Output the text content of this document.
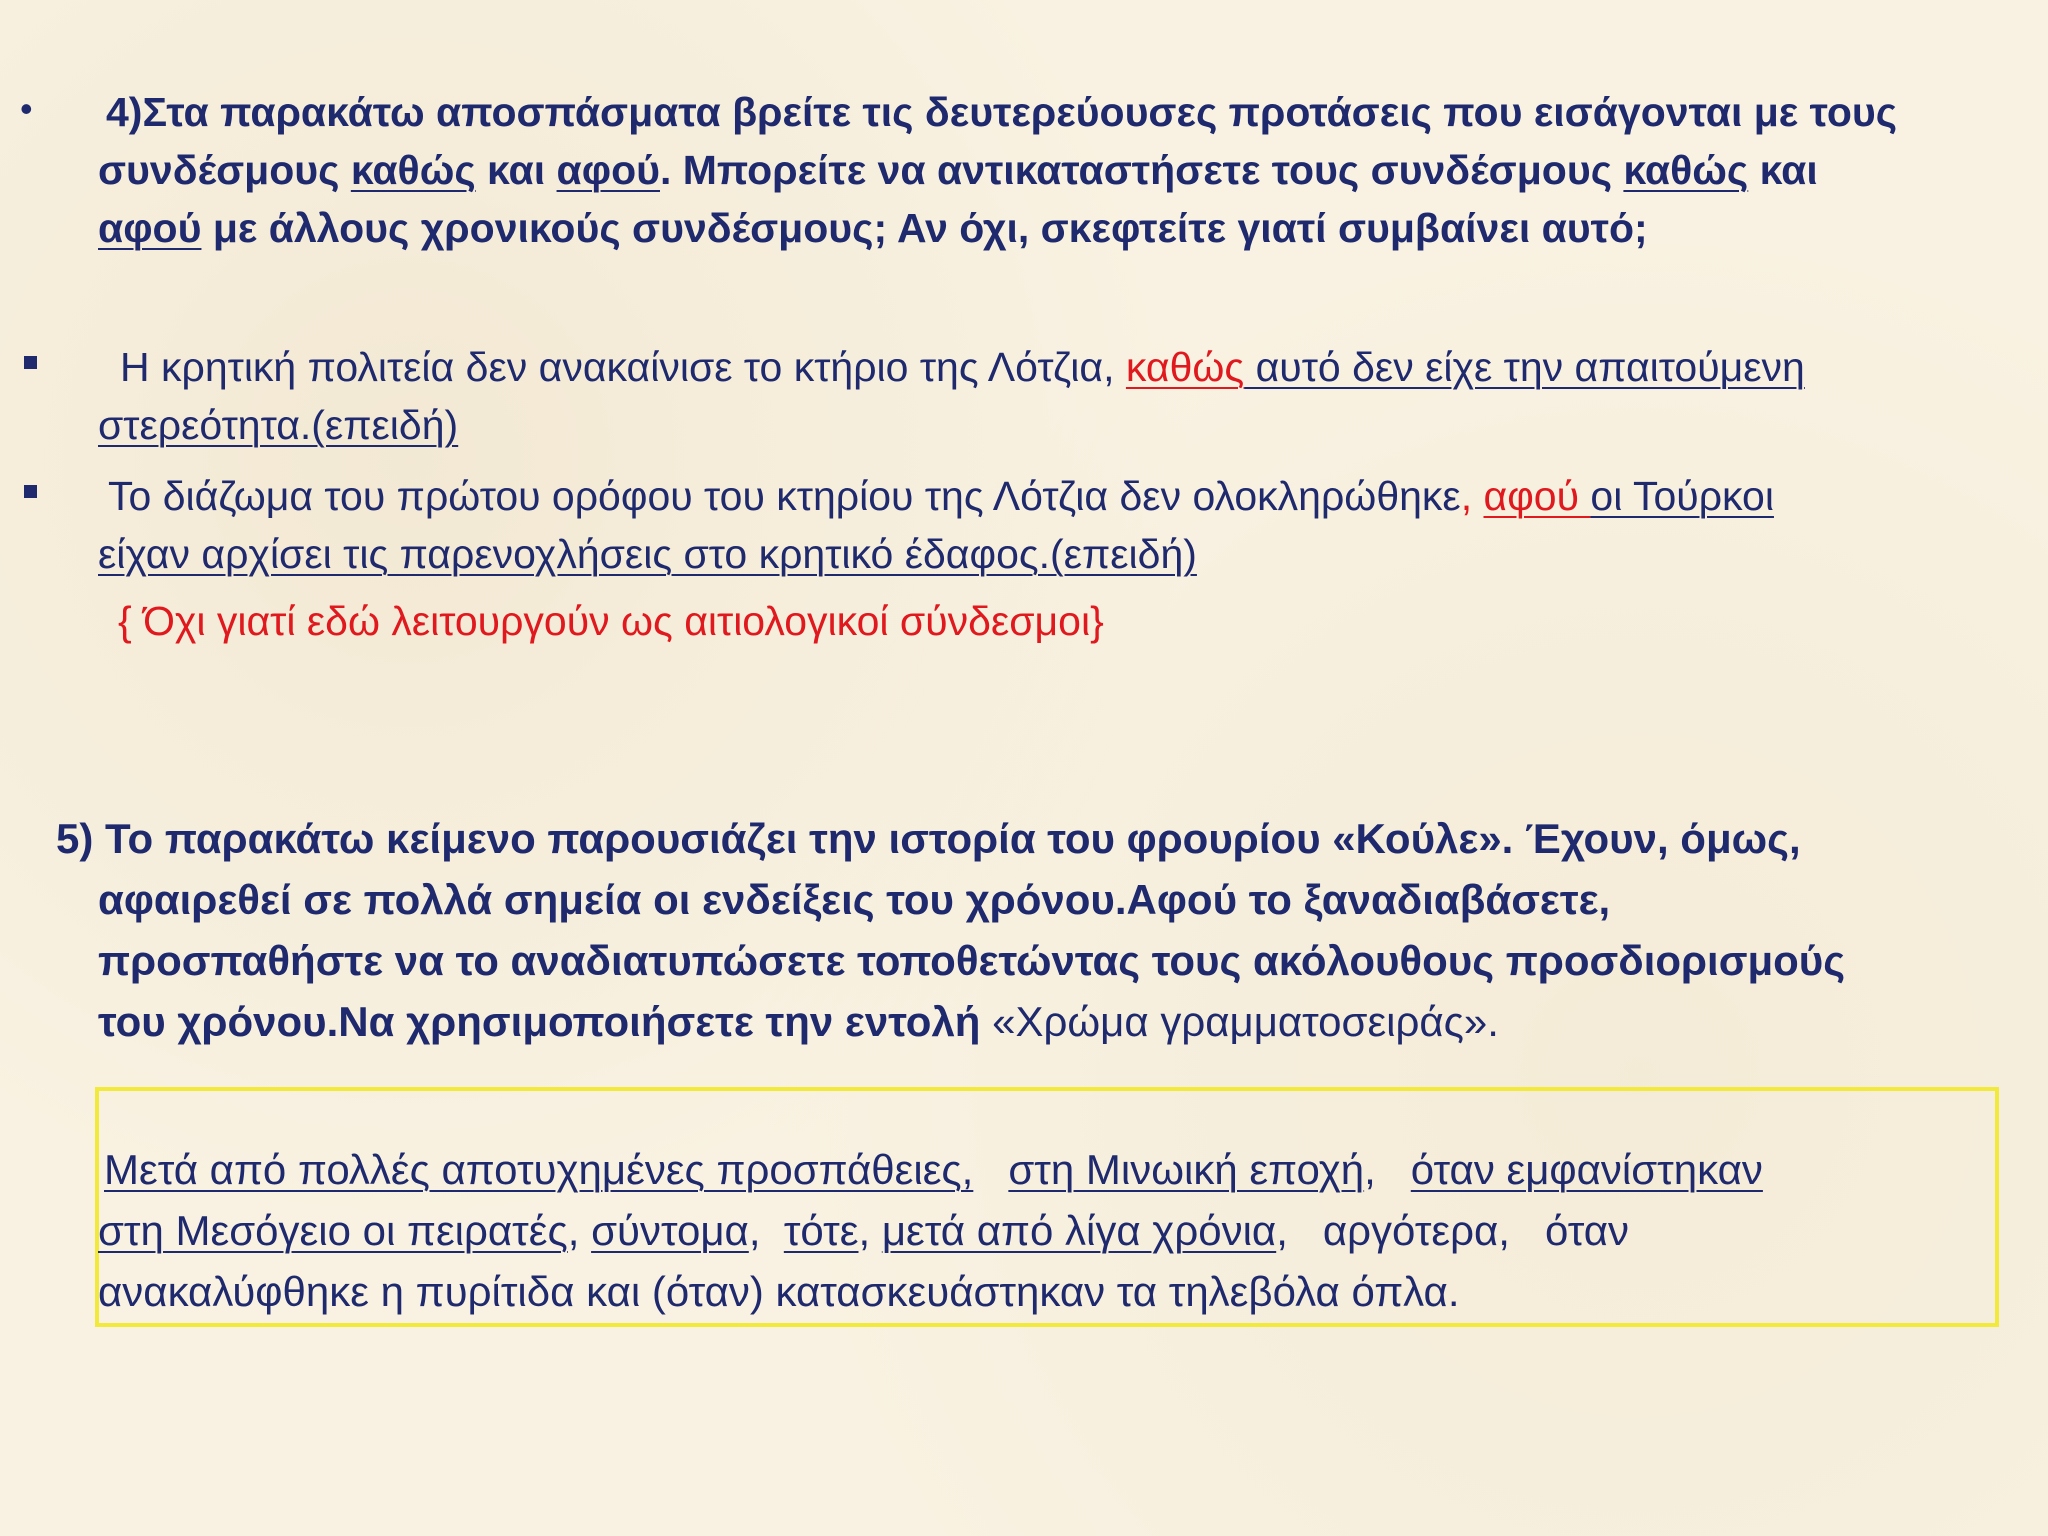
• 4)Στα παρακάτω αποσπάσματα βρείτε τις δευτερεύουσες προτάσεις που εισάγονται με τους
συνδέσμους καθώς και αφού. Μπορείτε να αντικαταστήσετε τους συνδέσμους καθώς και
αφού με άλλους χρονικούς συνδέσμους; Αν όχι, σκεφτείτε γιατί συμβαίνει αυτό;
Η κρητική πολιτεία δεν ανακαίνισε το κτήριο της Λότζια, καθώς αυτό δεν είχε την απαιτούμενη
στερεότητα.(επειδή)
Το διάζωμα του πρώτου ορόφου του κτηρίου της Λότζια δεν ολοκληρώθηκε, αφού οι Τούρκοι
είχαν αρχίσει τις παρενοχλήσεις στο κρητικό έδαφος.(επειδή)
{ Όχι γιατί εδώ λειτουργούν ως αιτιολογικοί σύνδεσμοι}
5) Το παρακάτω κείμενο παρουσιάζει την ιστορία του φρουρίου «Κούλε». Έχουν, όμως,
αφαιρεθεί σε πολλά σημεία οι ενδείξεις του χρόνου.Αφού το ξαναδιαβάσετε,
προσπαθήστε να το αναδιατυπώσετε τοποθετώντας τους ακόλουθους προσδιορισμούς
του χρόνου.Να χρησιμοποιήσετε την εντολή «Χρώμα γραμματοσειράς».
Μετά από πολλές αποτυχημένες προσπάθειες, στη Μινωική εποχή,   όταν εμφανίστηκαν
στη Μεσόγειο οι πειρατές, σύντομα,  τότε, μετά από λίγα χρόνια,   αργότερα,   όταν
ανακαλύφθηκε η πυρίτιδα και (όταν) κατασκευάστηκαν τα τηλεβόλα όπλα.
